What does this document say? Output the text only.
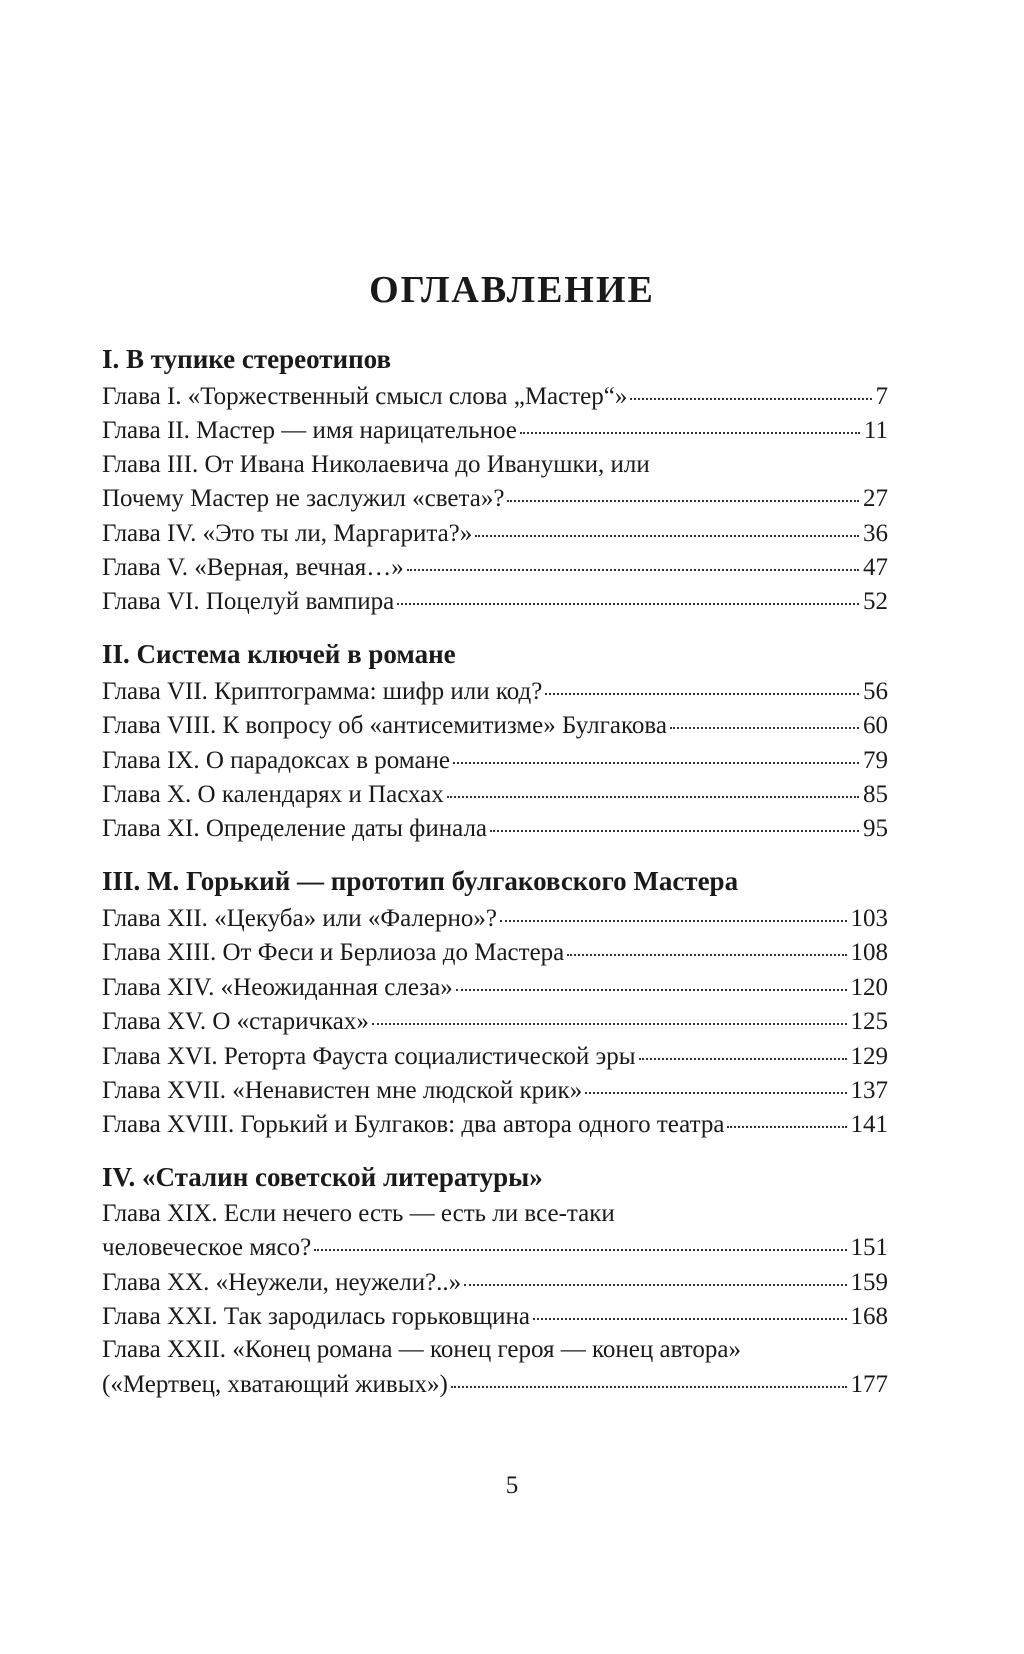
ОГЛАВЛЕНИЕ
I. В тупике стереотипов
Глава I. «Торжественный смысл слова „Мастер“»	7
Глава II. Мастер — имя нарицательное	11
Глава III. От Ивана Николаевича до Иванушки, или
Почему Мастер не заслужил «света»?	27
Глава IV. «Это ты ли, Маргарита?»	36
Глава V. «Верная, вечная…»	47
Глава VI. Поцелуй вампира	52
II. Система ключей в романе
Глава VII. Криптограмма: шифр или код?	56
Глава VIII. К вопросу об «антисемитизме» Булгакова	60
Глава IX. О парадоксах в романе	79
Глава X. О календарях и Пасхах	85
Глава XI. Определение даты финала	95
III. М. Горький — прототип булгаковского Мастера
Глава XII. «Цекуба» или «Фалерно»?	103
Глава XIII. От Феси и Берлиоза до Мастера	108
Глава XIV. «Неожиданная слеза»	120
Глава XV. О «старичках»	125
Глава XVI. Реторта Фауста социалистической эры	129
Глава XVII. «Ненавистен мне людской крик»	137
Глава XVIII. Горький и Булгаков: два автора одного театра	141
IV. «Сталин советской литературы»
Глава XIX. Если нечего есть — есть ли все-таки
человеческое мясо?	151
Глава XX. «Неужели, неужели?..»	159
Глава XXI. Так зародилась горьковщина	168
Глава XXII. «Конец романа — конец героя — конец автора»
(«Мертвец, хватающий живых»)	177
5
